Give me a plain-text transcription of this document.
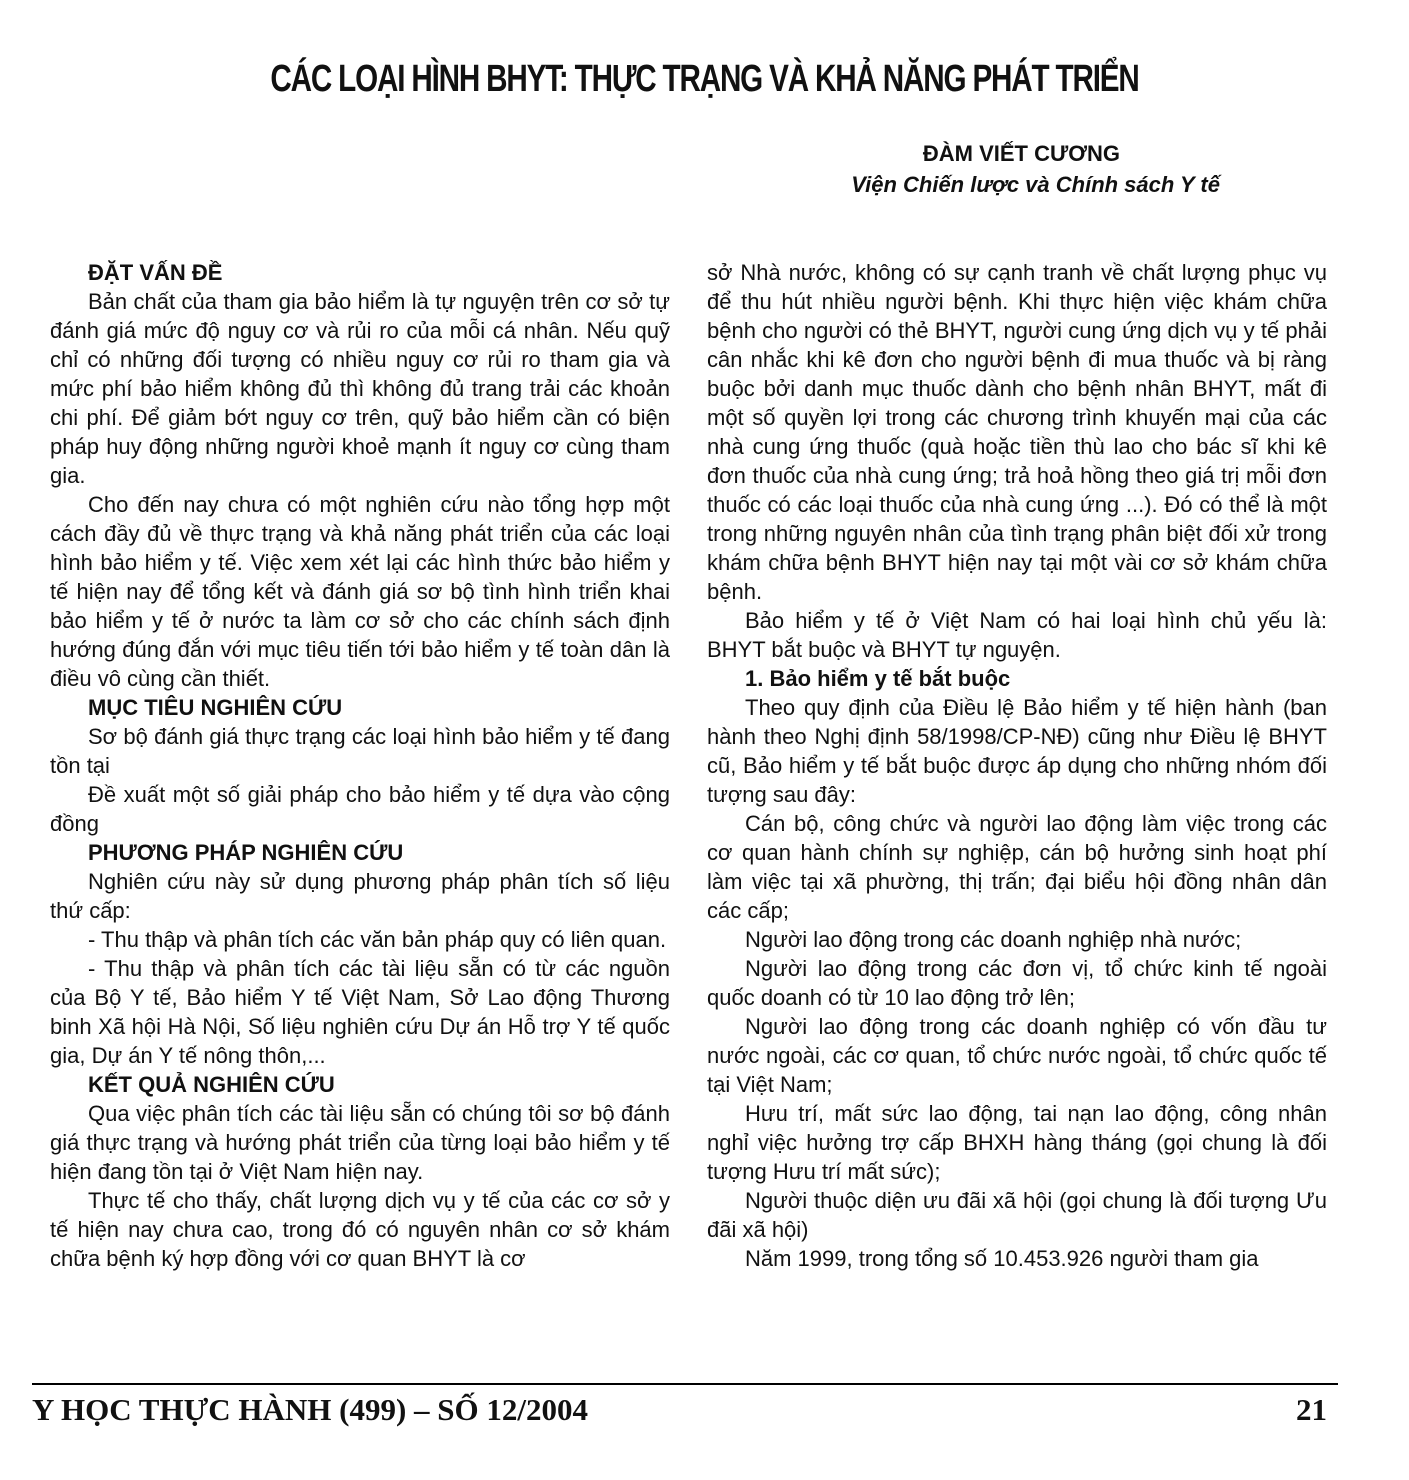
CÁC LOẠI HÌNH BHYT: THỰC TRẠNG VÀ KHẢ NĂNG PHÁT TRIỂN
ĐÀM VIẾT CƯƠNG
Viện Chiến lược và Chính sách Y tế
ĐẶT VẤN ĐỀ

Bản chất của tham gia bảo hiểm là tự nguyện trên cơ sở tự đánh giá mức độ nguy cơ và rủi ro của mỗi cá nhân. Nếu quỹ chỉ có những đối tượng có nhiều nguy cơ rủi ro tham gia và mức phí bảo hiểm không đủ thì không đủ trang trải các khoản chi phí. Để giảm bớt nguy cơ trên, quỹ bảo hiểm cần có biện pháp huy động những người khoẻ mạnh ít nguy cơ cùng tham gia.

Cho đến nay chưa có một nghiên cứu nào tổng hợp một cách đầy đủ về thực trạng và khả năng phát triển của các loại hình bảo hiểm y tế. Việc xem xét lại các hình thức bảo hiểm y tế hiện nay để tổng kết và đánh giá sơ bộ tình hình triển khai bảo hiểm y tế ở nước ta làm cơ sở cho các chính sách định hướng đúng đắn với mục tiêu tiến tới bảo hiểm y tế toàn dân là điều vô cùng cần thiết.

MỤC TIÊU NGHIÊN CỨU

Sơ bộ đánh giá thực trạng các loại hình bảo hiểm y tế đang tồn tại

Đề xuất một số giải pháp cho bảo hiểm y tế dựa vào cộng đồng

PHƯƠNG PHÁP NGHIÊN CỨU

Nghiên cứu này sử dụng phương pháp phân tích số liệu thứ cấp:

- Thu thập và phân tích các văn bản pháp quy có liên quan.

- Thu thập và phân tích các tài liệu sẵn có từ các nguồn của Bộ Y tế, Bảo hiểm Y tế Việt Nam, Sở Lao động Thương binh Xã hội Hà Nội, Số liệu nghiên cứu Dự án Hỗ trợ Y tế quốc gia, Dự án Y tế nông thôn,...

KẾT QUẢ NGHIÊN CỨU

Qua việc phân tích các tài liệu sẵn có chúng tôi sơ bộ đánh giá thực trạng và hướng phát triển của từng loại bảo hiểm y tế hiện đang tồn tại ở Việt Nam hiện nay.

Thực tế cho thấy, chất lượng dịch vụ y tế của các cơ sở y tế hiện nay chưa cao, trong đó có nguyên nhân cơ sở khám chữa bệnh ký hợp đồng với cơ quan BHYT là cơ

sở Nhà nước, không có sự cạnh tranh về chất lượng phục vụ để thu hút nhiều người bệnh. Khi thực hiện việc khám chữa bệnh cho người có thẻ BHYT, người cung ứng dịch vụ y tế phải cân nhắc khi kê đơn cho người bệnh đi mua thuốc và bị ràng buộc bởi danh mục thuốc dành cho bệnh nhân BHYT, mất đi một số quyền lợi trong các chương trình khuyến mại của các nhà cung ứng thuốc (quà hoặc tiền thù lao cho bác sĩ khi kê đơn thuốc của nhà cung ứng; trả hoả hồng theo giá trị mỗi đơn thuốc có các loại thuốc của nhà cung ứng ...). Đó có thể là một trong những nguyên nhân của tình trạng phân biệt đối xử trong khám chữa bệnh BHYT hiện nay tại một vài cơ sở khám chữa bệnh.

Bảo hiểm y tế ở Việt Nam có hai loại hình chủ yếu là: BHYT bắt buộc và BHYT tự nguyện.

1. Bảo hiểm y tế bắt buộc

Theo quy định của Điều lệ Bảo hiểm y tế hiện hành (ban hành theo Nghị định 58/1998/CP-NĐ) cũng như Điều lệ BHYT cũ, Bảo hiểm y tế bắt buộc được áp dụng cho những nhóm đối tượng sau đây:

Cán bộ, công chức và người lao động làm việc trong các cơ quan hành chính sự nghiệp, cán bộ hưởng sinh hoạt phí làm việc tại xã phường, thị trấn; đại biểu hội đồng nhân dân các cấp;

Người lao động trong các doanh nghiệp nhà nước;

Người lao động trong các đơn vị, tổ chức kinh tế ngoài quốc doanh có từ 10 lao động trở lên;

Người lao động trong các doanh nghiệp có vốn đầu tư nước ngoài, các cơ quan, tổ chức nước ngoài, tổ chức quốc tế tại Việt Nam;

Hưu trí, mất sức lao động, tai nạn lao động, công nhân nghỉ việc hưởng trợ cấp BHXH hàng tháng (gọi chung là đối tượng Hưu trí mất sức);

Người thuộc diện ưu đãi xã hội (gọi chung là đối tượng Ưu đãi xã hội)

Năm 1999, trong tổng số 10.453.926 người tham gia

Y HỌC THỰC HÀNH (499) – SỐ 12/2004	21
